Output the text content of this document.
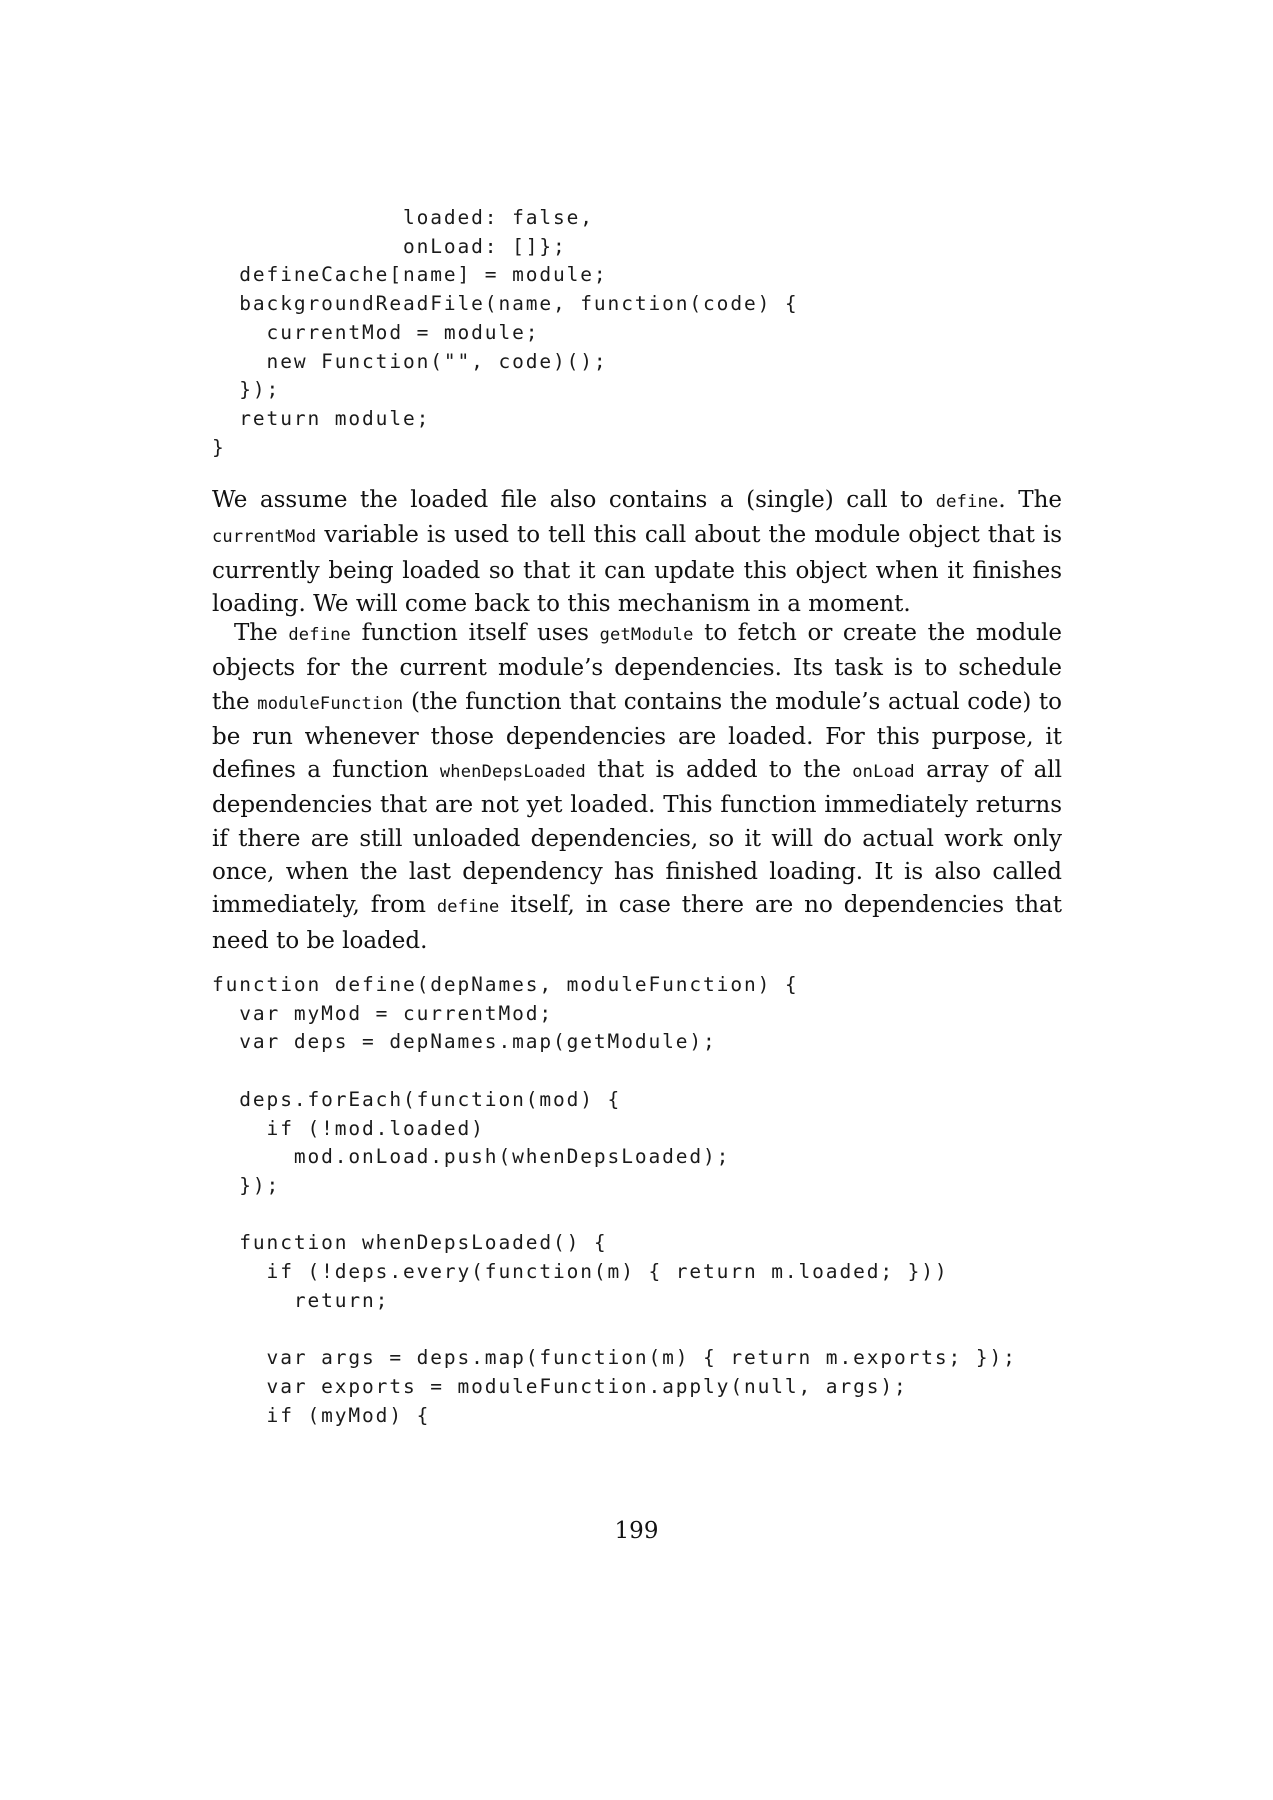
loaded: false,
onLoad: []};
defineCache[name] = module;
backgroundReadFile(name, function(code) {
currentMod = module;
new Function("", code)();
});
return module;
}

We assume the loaded file also contains a (single) call to define. The currentMod variable is used to tell this call about the module object that is currently being loaded so that it can update this object when it finishes loading. We will come back to this mechanism in a moment.

The define function itself uses getModule to fetch or create the module objects for the current module’s dependencies. Its task is to schedule the moduleFunction (the function that contains the module’s actual code) to be run whenever those dependencies are loaded. For this purpose, it defines a function whenDepsLoaded that is added to the onLoad array of all dependencies that are not yet loaded. This function immediately returns if there are still unloaded dependencies, so it will do actual work only once, when the last dependency has finished loading. It is also called immediately, from define itself, in case there are no dependencies that need to be loaded.

function define(depNames, moduleFunction) {
var myMod = currentMod;
var deps = depNames.map(getModule);
deps.forEach(function(mod) {
if (!mod.loaded)
mod.onLoad.push(whenDepsLoaded);
});
function whenDepsLoaded() {
if (!deps.every(function(m) { return m.loaded; }))
return;
var args = deps.map(function(m) { return m.exports; });
var exports = moduleFunction.apply(null, args);
if (myMod) {
199
